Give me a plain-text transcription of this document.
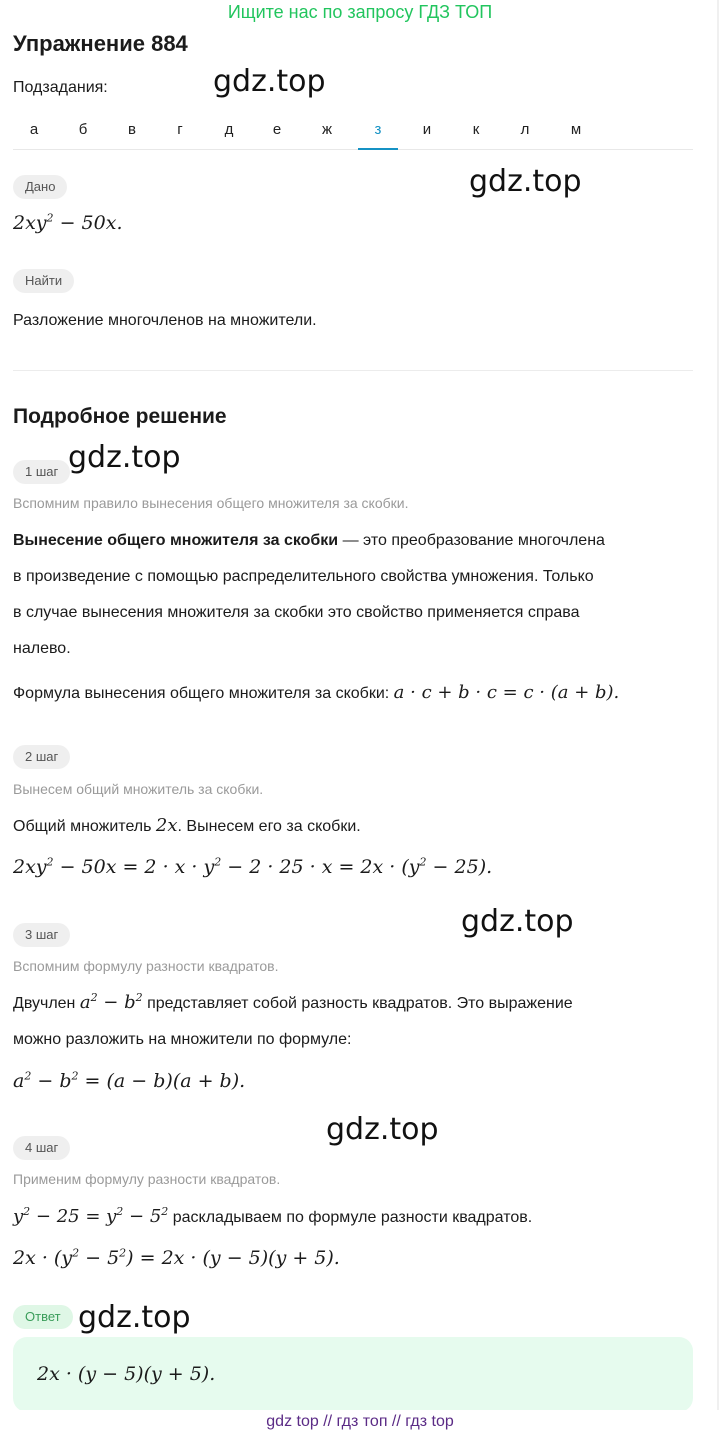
Ищите нас по запросу ГДЗ ТОП
Упражнение 884
Подзадания:	gdz.top
а	б	в	г	д	е	ж	з	и	к	л	м
gdz.top
Дано
$2xy^2 - 50x$.
Найти
Разложение многочленов на множители.
Подробное решение
1 шаг gdz.top
Вспомним правило вынесения общего множителя за скобки.
Вынесение общего множителя за скобки — это преобразование многочлена
в произведение с помощью распределительного свойства умножения. Только
в случае вынесения множителя за скобки это свойство применяется справа
налево.
Формула вынесения общего множителя за скобки: a · c + b · c = c · (a + b).
2 шаг
Вынесем общий множитель за скобки.
Общий множитель 2x. Вынесем его за скобки.
$2xy^2 - 50x = 2 \cdot x \cdot y^2 - 2 \cdot 25 \cdot x = 2x \cdot (y^2 - 25)$.
3 шаг	gdz.top
Вспомним формулу разности квадратов.
Двучлен $a^2 - b^2$ представляет собой разность квадратов. Это выражение
можно разложить на множители по формуле:
$a^2 - b^2 = (a - b)(a + b)$.
4 шаг
gdz.top
Применим формулу разности квадратов.
$y^2 - 25 = y^2 - 5^2$ раскладываем по формуле разности квадратов.
$2x \cdot (y^2 - 5^2) = 2x \cdot (y - 5)(y + 5)$.
Ответ gdz.top
2x · (y − 5)(y + 5).
gdz top // гдз топ // гдз top
